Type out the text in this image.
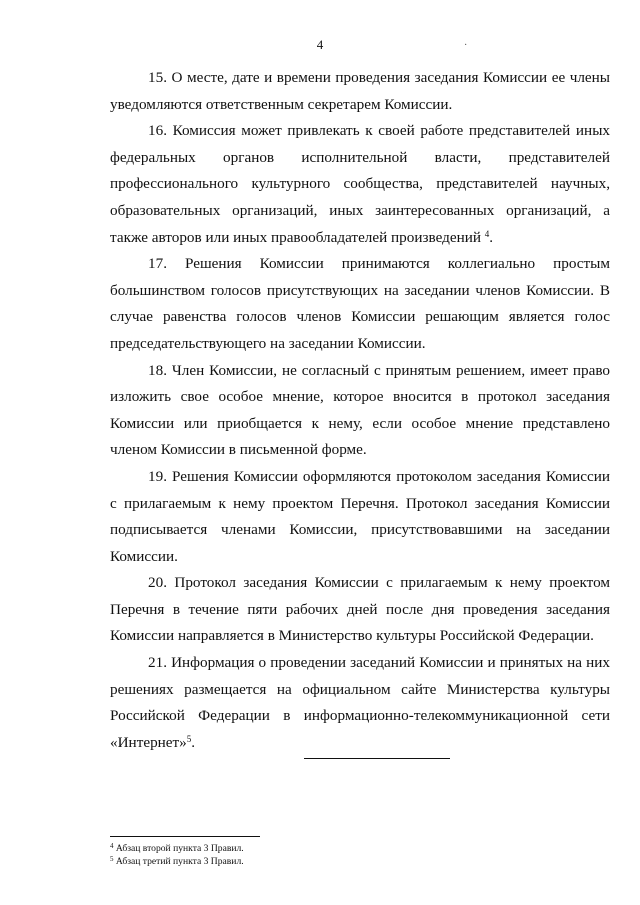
4	·

15. О месте, дате и времени проведения заседания Комиссии ее члены уведомляются ответственным секретарем Комиссии.

16. Комиссия может привлекать к своей работе представителей иных федеральных органов исполнительной власти, представителей профессионального культурного сообщества, представителей научных, образовательных организаций, иных заинтересованных организаций, а также авторов или иных правообладателей произведений $^4$.

17. Решения Комиссии принимаются коллегиально простым большинством голосов присутствующих на заседании членов Комиссии. В случае равенства голосов членов Комиссии решающим является голос председательствующего на заседании Комиссии.

18. Член Комиссии, не согласный с принятым решением, имеет право изложить свое особое мнение, которое вносится в протокол заседания Комиссии или приобщается к нему, если особое мнение представлено членом Комиссии в письменной форме.

19. Решения Комиссии оформляются протоколом заседания Комиссии с прилагаемым к нему проектом Перечня. Протокол заседания Комиссии подписывается членами Комиссии, присутствовавшими на заседании Комиссии.

20. Протокол заседания Комиссии с прилагаемым к нему проектом Перечня в течение пяти рабочих дней после дня проведения заседания Комиссии направляется в Министерство культуры Российской Федерации.

21. Информация о проведении заседаний Комиссии и принятых на них решениях размещается на официальном сайте Министерства культуры Российской Федерации в информационно-телекоммуникационной сети «Интернет»$^5$.

$^4$ Абзац второй пункта 3 Правил.
$^5$ Абзац третий пункта 3 Правил.
